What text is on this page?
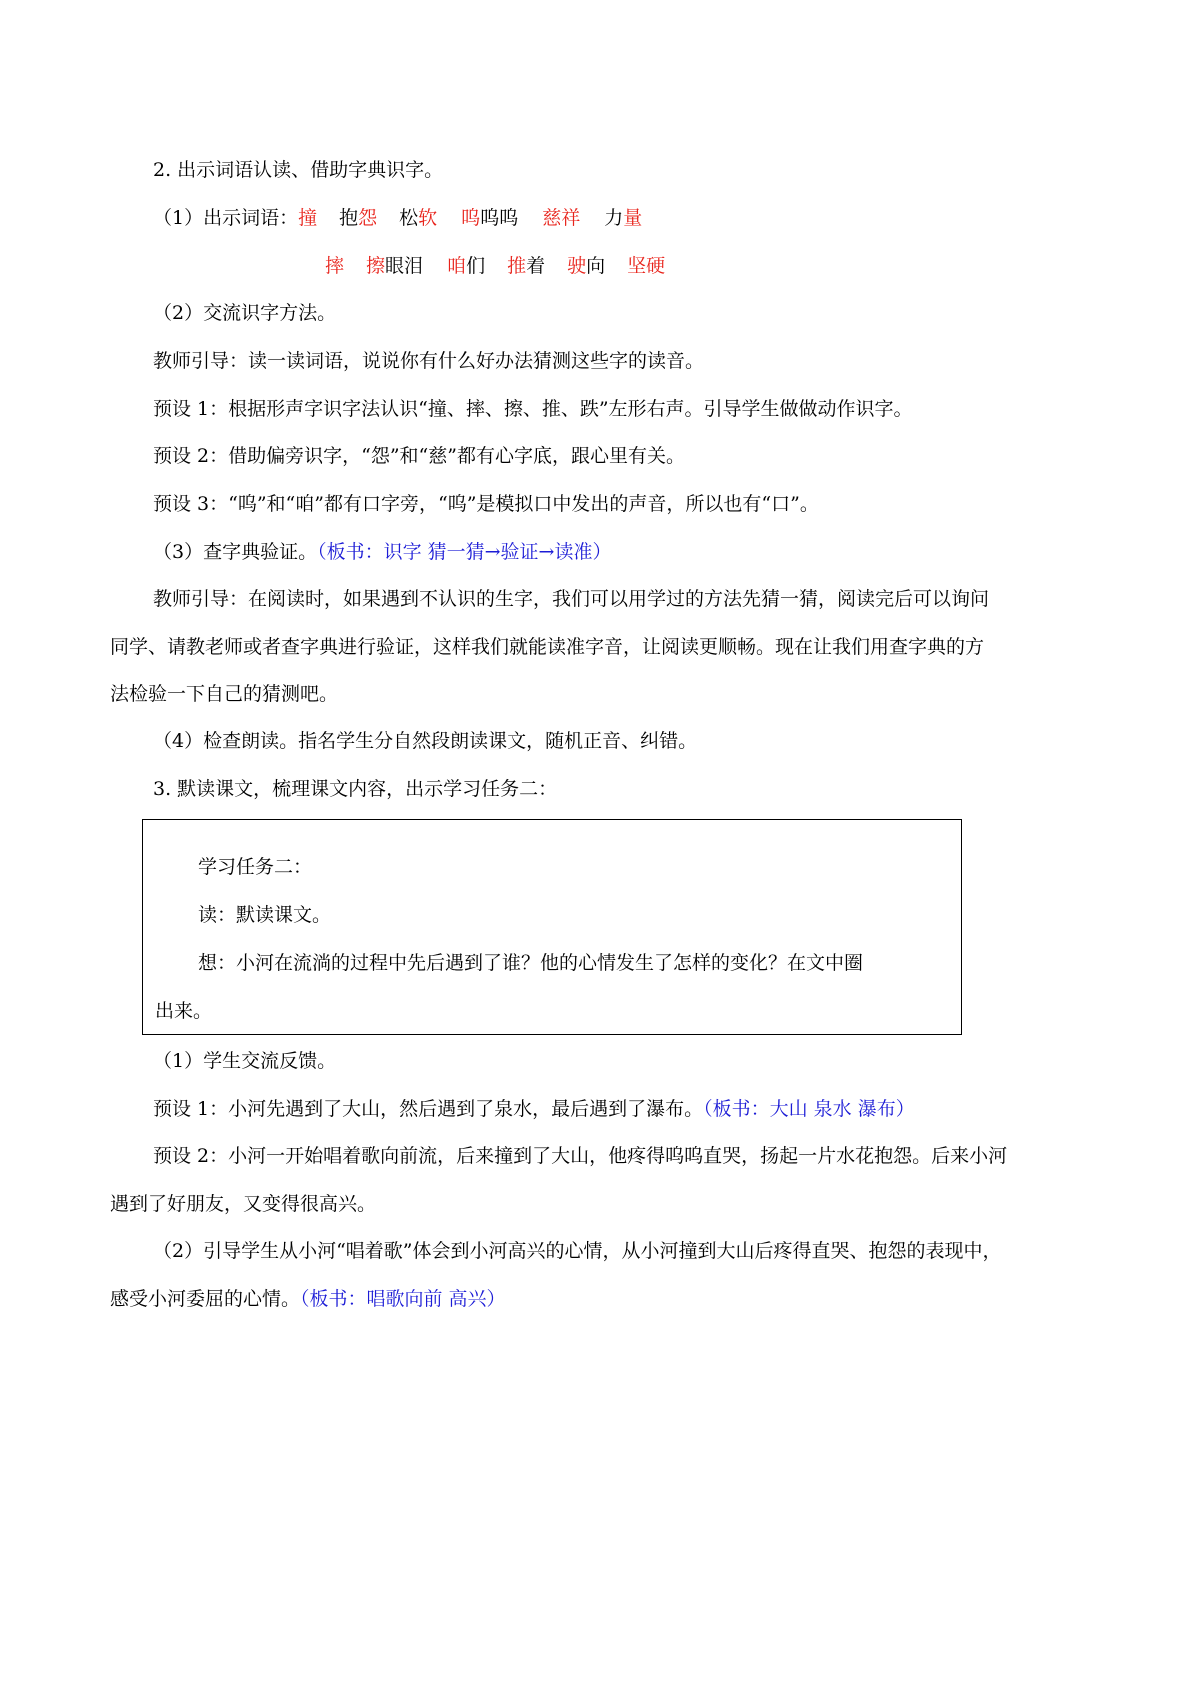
2. 出示词语认读、借助字典识字。
（1）出示词语：撞 抱怨 松软 呜呜呜 慈祥 力量
摔 擦眼泪 咱们 推着 驶向 坚硬
（2）交流识字方法。
教师引导：读一读词语，说说你有什么好办法猜测这些字的读音。
预设 1：根据形声字识字法认识“撞、摔、擦、推、跌”左形右声。引导学生做做动作识字。
预设 2：借助偏旁识字，“怨”和“慈”都有心字底，跟心里有关。
预设 3：“呜”和“咱”都有口字旁，“呜”是模拟口中发出的声音，所以也有“口”。
（3）查字典验证。（板书：识字 猜一猜→验证→读准）
教师引导：在阅读时，如果遇到不认识的生字，我们可以用学过的方法先猜一猜，阅读完后可以询问
同学、请教老师或者查字典进行验证，这样我们就能读准字音，让阅读更顺畅。现在让我们用查字典的方
法检验一下自己的猜测吧。
（4）检查朗读。指名学生分自然段朗读课文，随机正音、纠错。
3. 默读课文，梳理课文内容，出示学习任务二：
学习任务二：
读：默读课文。
想：小河在流淌的过程中先后遇到了谁？他的心情发生了怎样的变化？在文中圈
出来。
（1）学生交流反馈。
预设 1：小河先遇到了大山，然后遇到了泉水，最后遇到了瀑布。（板书：大山 泉水 瀑布）
预设 2：小河一开始唱着歌向前流，后来撞到了大山，他疼得呜呜直哭，扬起一片水花抱怨。后来小河
遇到了好朋友，又变得很高兴。
（2）引导学生从小河“唱着歌”体会到小河高兴的心情，从小河撞到大山后疼得直哭、抱怨的表现中，
感受小河委屈的心情。（板书：唱歌向前 高兴）
